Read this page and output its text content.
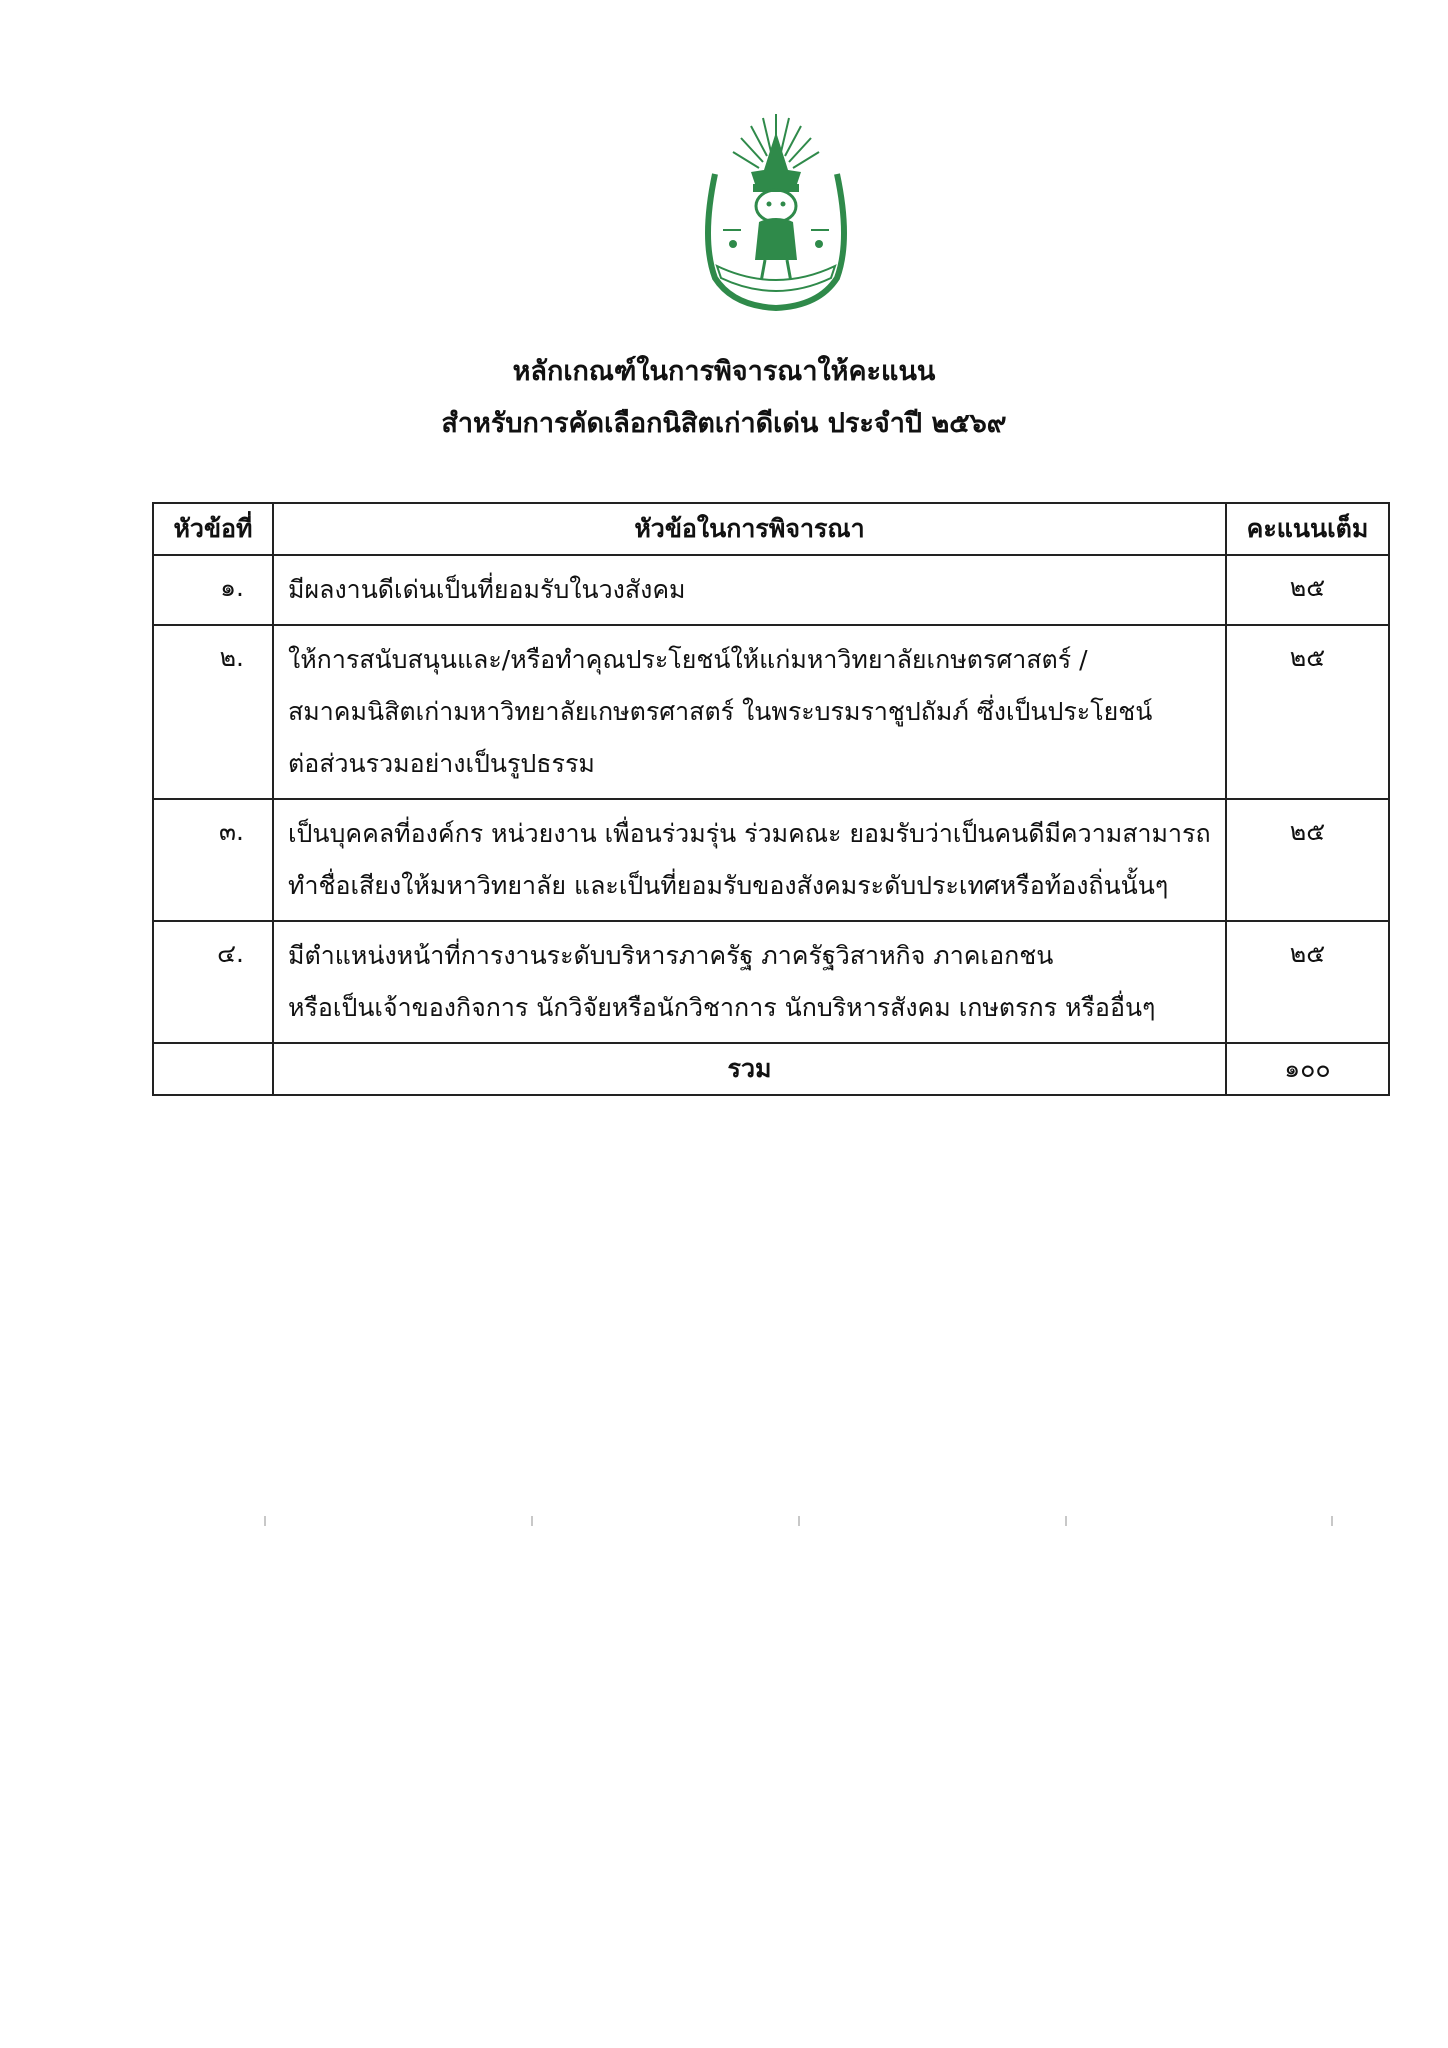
หลักเกณฑ์ในการพิจารณาให้คะแนน
สำหรับการคัดเลือกนิสิตเก่าดีเด่น ประจำปี ๒๕๖๙
หัวข้อที่	หัวข้อในการพิจารณา	คะแนนเต็ม
๑.	มีผลงานดีเด่นเป็นที่ยอมรับในวงสังคม	๒๕
๒.	ให้การสนับสนุนและ/หรือทำคุณประโยชน์ให้แก่มหาวิทยาลัยเกษตรศาสตร์ /
สมาคมนิสิตเก่ามหาวิทยาลัยเกษตรศาสตร์ ในพระบรมราชูปถัมภ์ ซึ่งเป็นประโยชน์
ต่อส่วนรวมอย่างเป็นรูปธรรม	๒๕
๓.	เป็นบุคคลที่องค์กร หน่วยงาน เพื่อนร่วมรุ่น ร่วมคณะ ยอมรับว่าเป็นคนดีมีความสามารถ
ทำชื่อเสียงให้มหาวิทยาลัย และเป็นที่ยอมรับของสังคมระดับประเทศหรือท้องถิ่นนั้นๆ	๒๕
๔.	มีตำแหน่งหน้าที่การงานระดับบริหารภาครัฐ ภาครัฐวิสาหกิจ ภาคเอกชน
หรือเป็นเจ้าของกิจการ นักวิจัยหรือนักวิชาการ นักบริหารสังคม เกษตรกร หรืออื่นๆ	๒๕
	รวม	๑๐๐
